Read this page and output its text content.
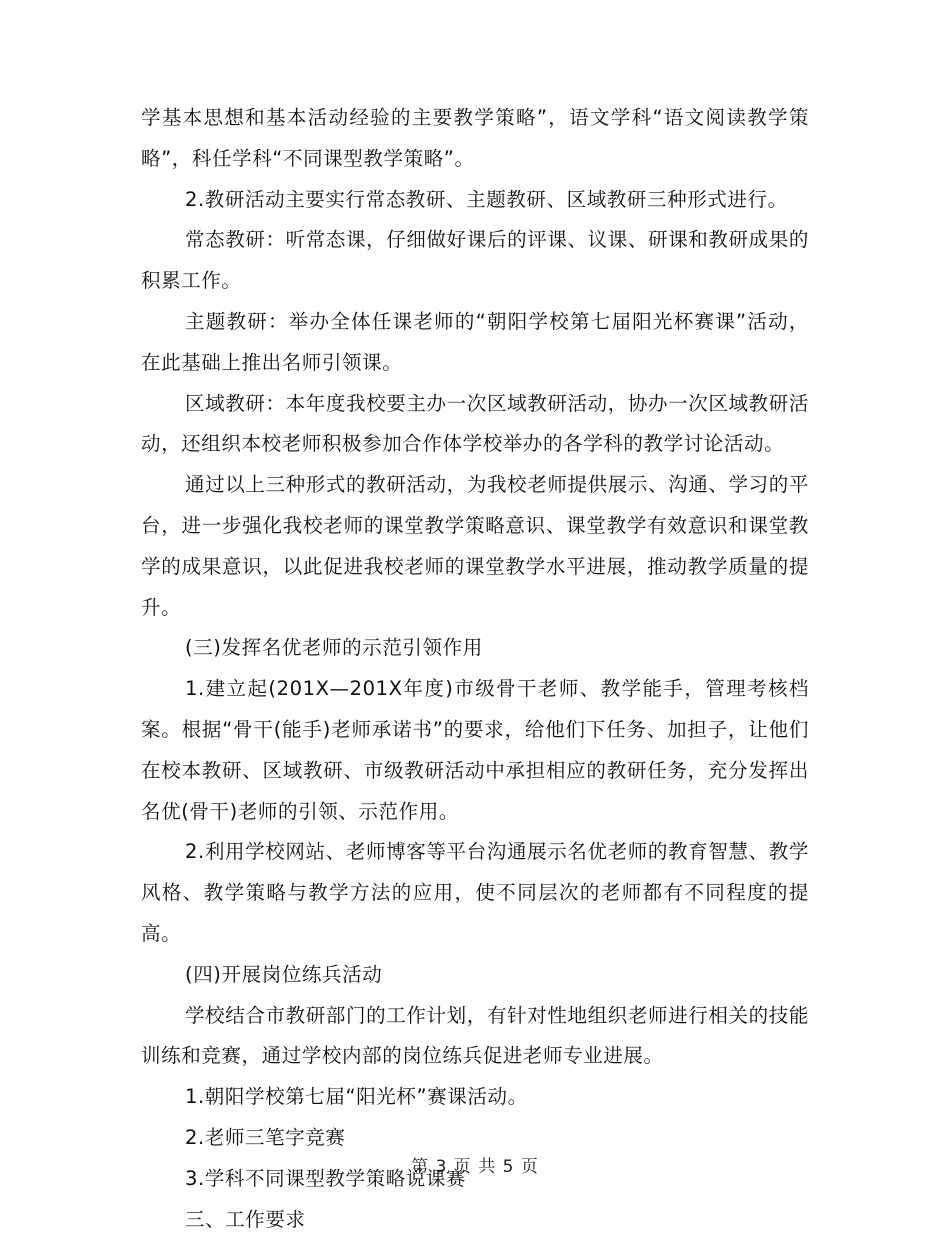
学基本思想和基本活动经验的主要教学策略”，语文学科“语文阅读教学策略”，科任学科“不同课型教学策略”。

2.教研活动主要实行常态教研、主题教研、区域教研三种形式进行。

常态教研：听常态课，仔细做好课后的评课、议课、研课和教研成果的积累工作。

主题教研：举办全体任课老师的“朝阳学校第七届阳光杯赛课”活动，在此基础上推出名师引领课。

区域教研：本年度我校要主办一次区域教研活动，协办一次区域教研活动，还组织本校老师积极参加合作体学校举办的各学科的教学讨论活动。

通过以上三种形式的教研活动，为我校老师提供展示、沟通、学习的平台，进一步强化我校老师的课堂教学策略意识、课堂教学有效意识和课堂教学的成果意识，以此促进我校老师的课堂教学水平进展，推动教学质量的提升。

(三)发挥名优老师的示范引领作用

1.建立起(201X—201X年度)市级骨干老师、教学能手，管理考核档案。根据“骨干(能手)老师承诺书”的要求，给他们下任务、加担子，让他们在校本教研、区域教研、市级教研活动中承担相应的教研任务，充分发挥出名优(骨干)老师的引领、示范作用。

2.利用学校网站、老师博客等平台沟通展示名优老师的教育智慧、教学风格、教学策略与教学方法的应用，使不同层次的老师都有不同程度的提高。

(四)开展岗位练兵活动

学校结合市教研部门的工作计划，有针对性地组织老师进行相关的技能训练和竞赛，通过学校内部的岗位练兵促进老师专业进展。

1.朝阳学校第七届“阳光杯”赛课活动。

2.老师三笔字竞赛

3.学科不同课型教学策略说课赛

三、工作要求

第 3 页 共 5 页
